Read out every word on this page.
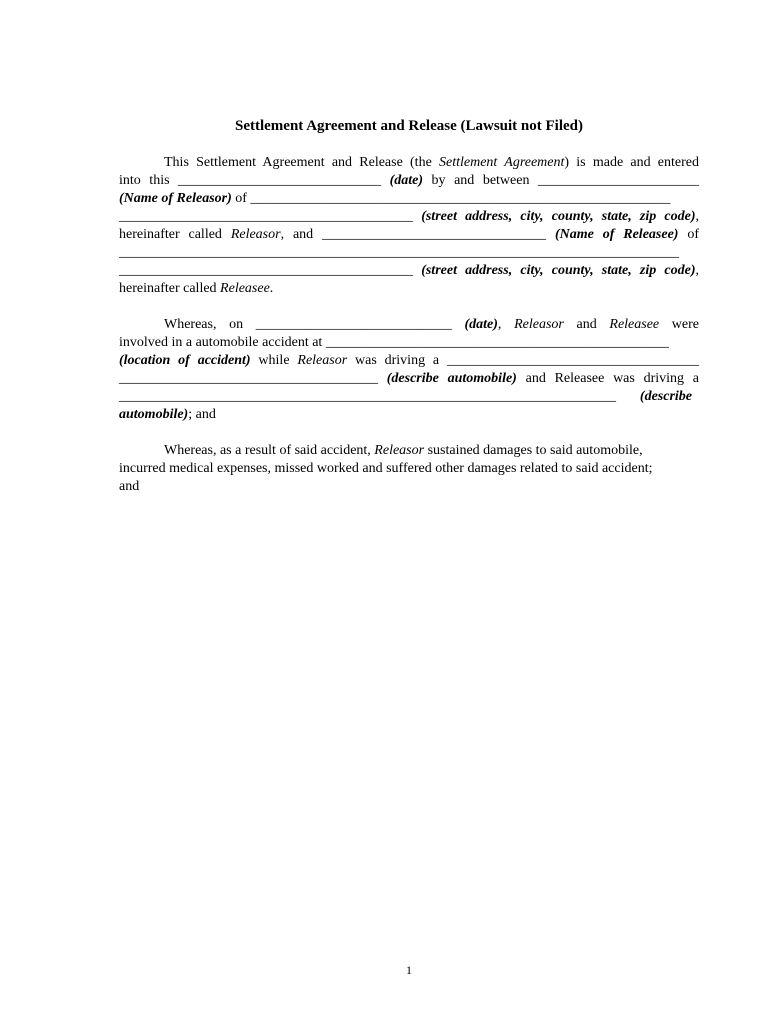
Settlement Agreement and Release (Lawsuit not Filed)
This Settlement Agreement and Release (the Settlement Agreement) is made and entered
into this _____________________________ (date) by and between _______________________
(Name of Releasor) of ____________________________________________________________
__________________________________________ (street address, city, county, state, zip code),
hereinafter called Releasor, and ________________________________ (Name of Releasee) of
________________________________________________________________________________
__________________________________________ (street address, city, county, state, zip code),
hereinafter called Releasee.
Whereas, on ____________________________ (date), Releasor and Releasee were
involved in a automobile accident at _________________________________________________
(location of accident) while Releasor was driving a ____________________________________
_____________________________________ (describe automobile) and Releasee was driving a
_______________________________________________________________________ (describe
automobile); and
Whereas, as a result of said accident, Releasor sustained damages to said automobile,
incurred medical expenses, missed worked and suffered other damages related to said accident;
and
1
